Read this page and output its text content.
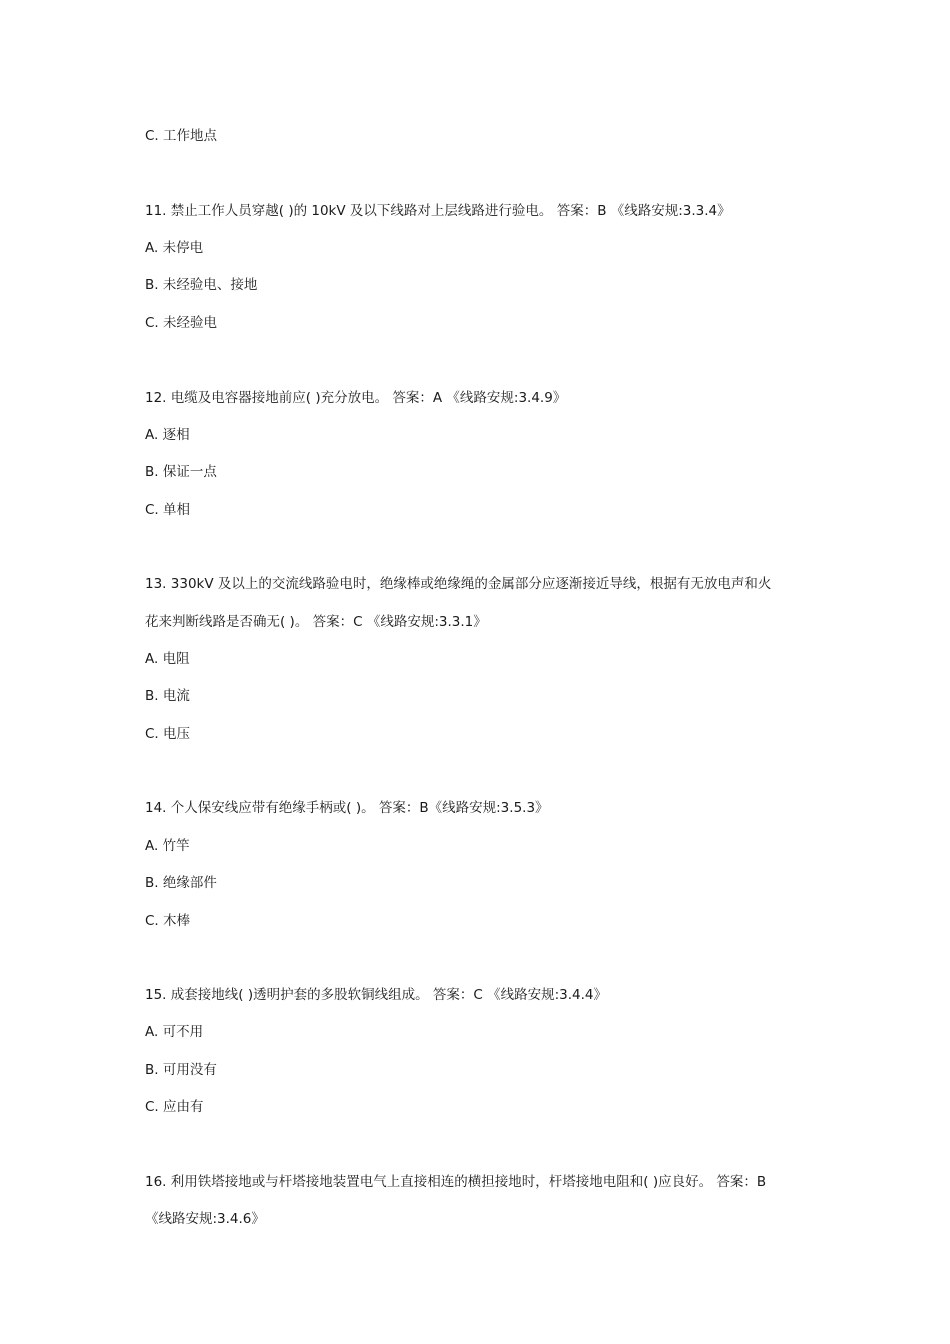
C. 工作地点
11. 禁止工作人员穿越( )的 10kV 及以下线路对上层线路进行验电。 答案：B 《线路安规:3.3.4》
A. 未停电
B. 未经验电、接地
C. 未经验电
12. 电缆及电容器接地前应( )充分放电。 答案：A 《线路安规:3.4.9》
A. 逐相
B. 保证一点
C. 单相
13. 330kV 及以上的交流线路验电时，绝缘棒或绝缘绳的金属部分应逐渐接近导线，根据有无放电声和火
花来判断线路是否确无( )。 答案：C 《线路安规:3.3.1》
A. 电阻
B. 电流
C. 电压
14. 个人保安线应带有绝缘手柄或( )。 答案：B《线路安规:3.5.3》
A. 竹竿
B. 绝缘部件
C. 木棒
15. 成套接地线( )透明护套的多股软铜线组成。 答案：C 《线路安规:3.4.4》
A. 可不用
B. 可用没有
C. 应由有
16. 利用铁塔接地或与杆塔接地装置电气上直接相连的横担接地时，杆塔接地电阻和( )应良好。 答案：B
《线路安规:3.4.6》
